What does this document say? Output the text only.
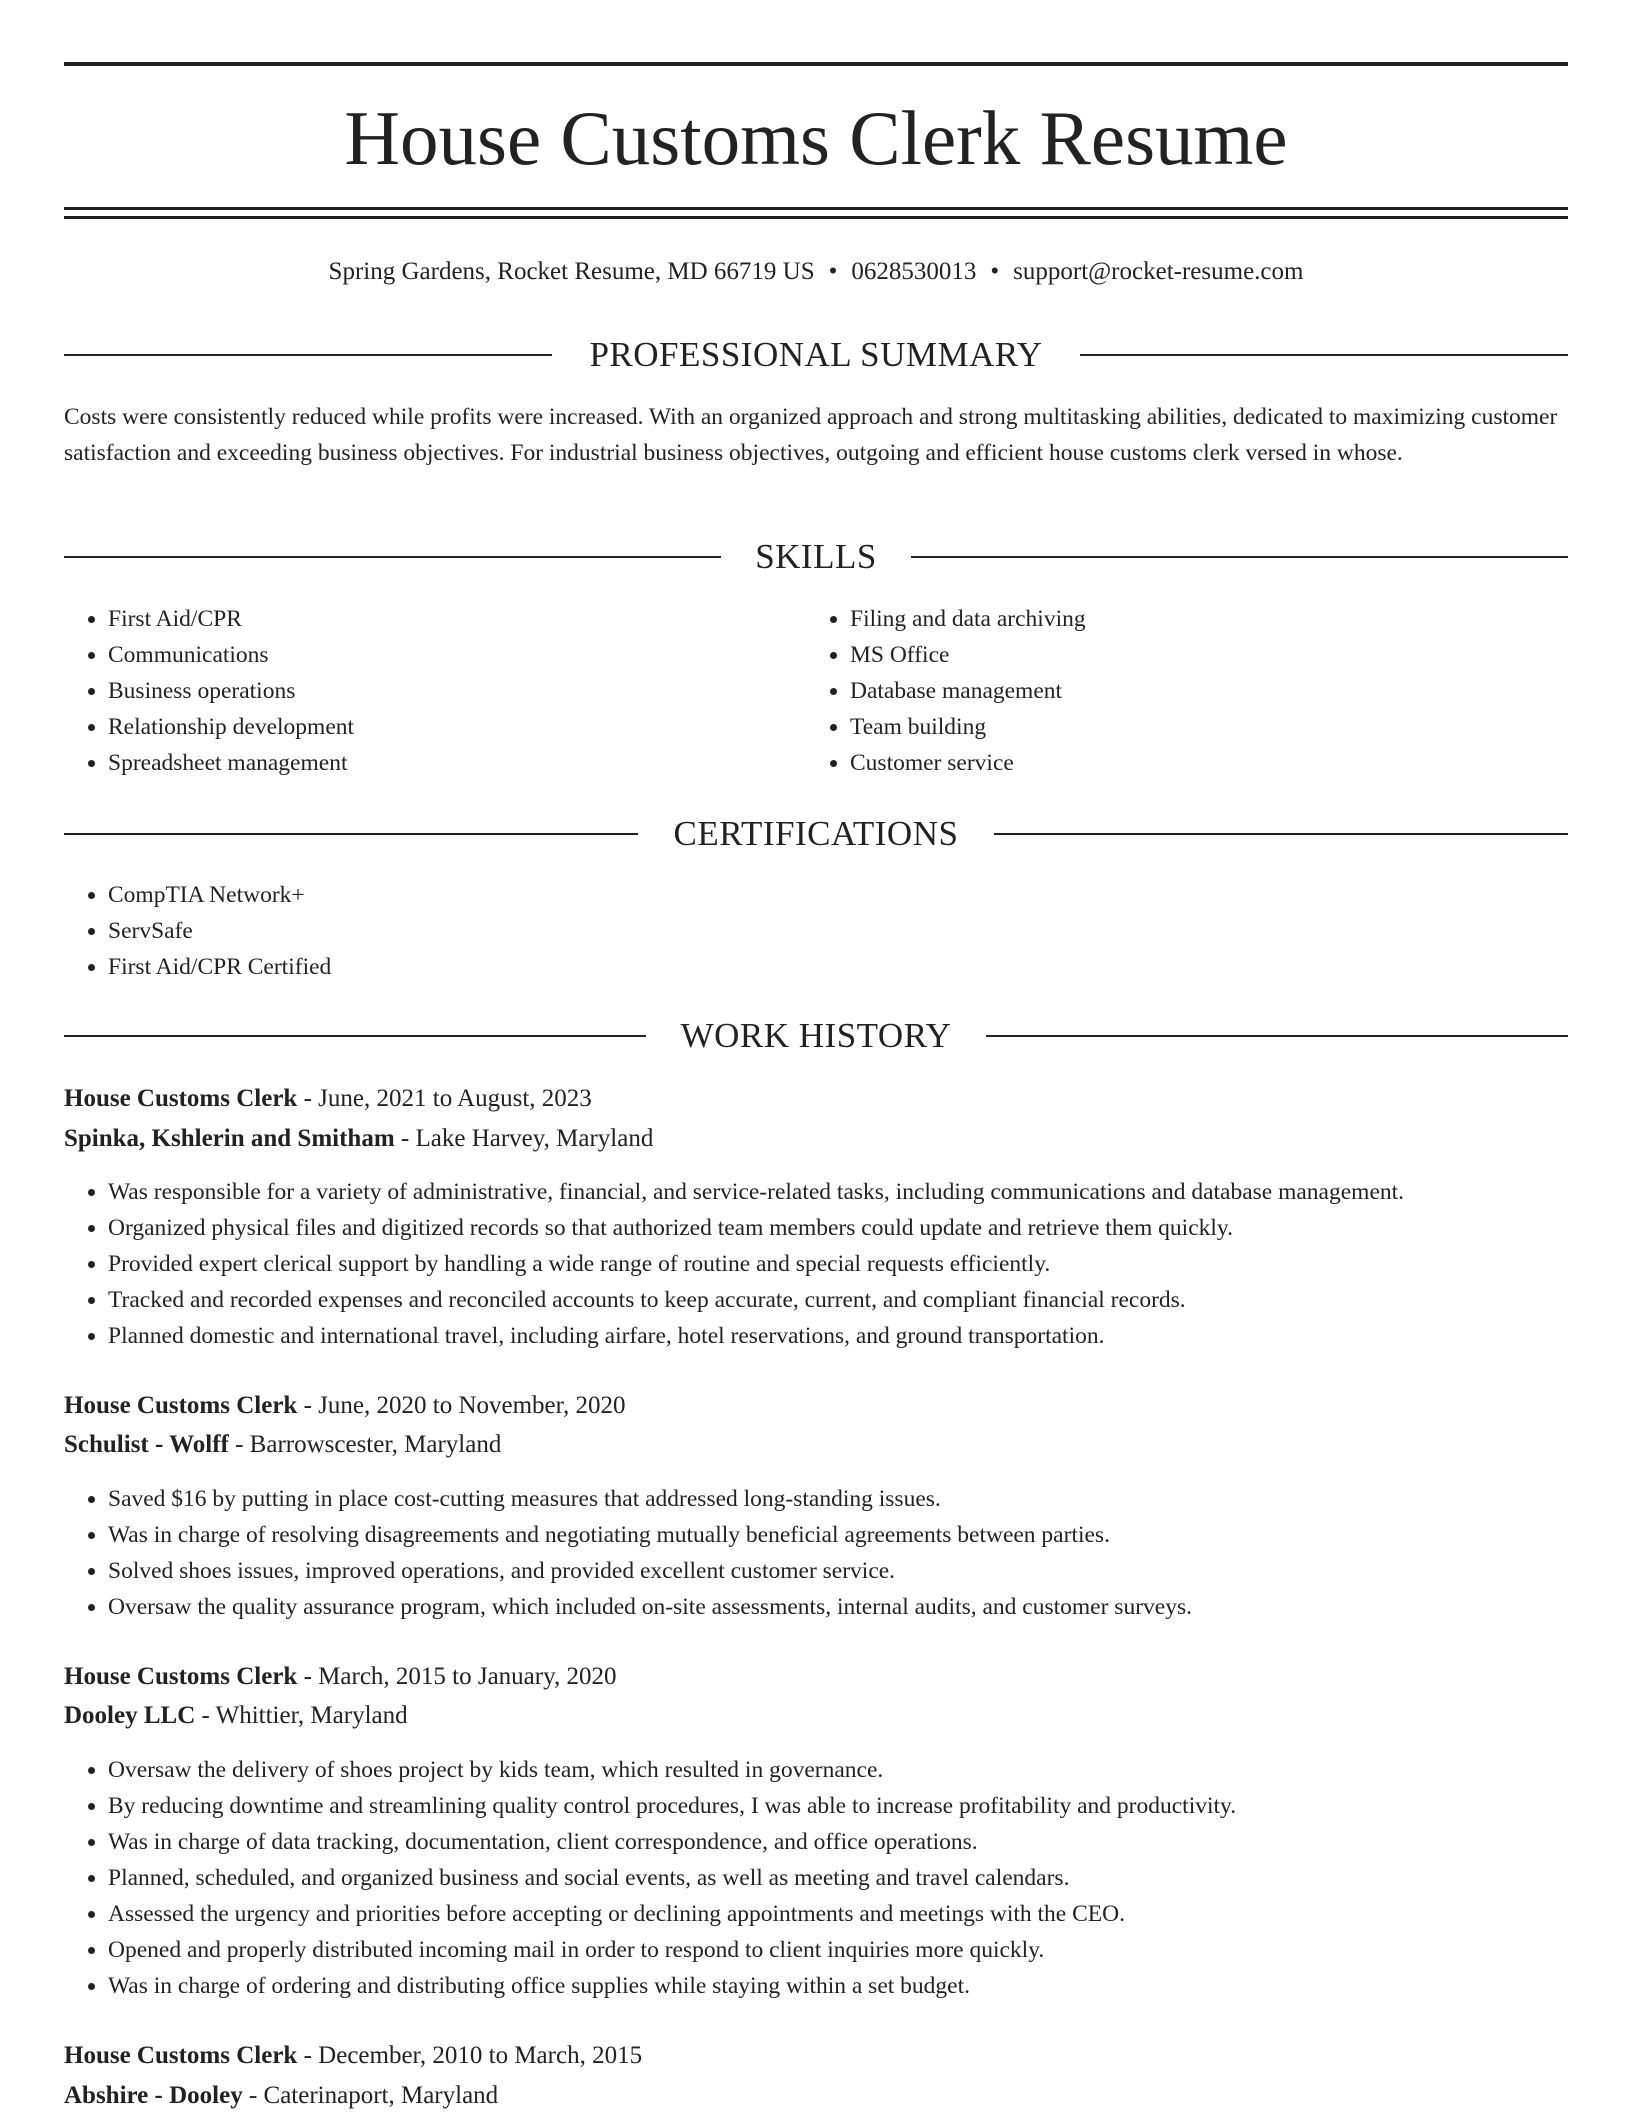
House Customs Clerk Resume
Spring Gardens, Rocket Resume, MD 66719 US • 0628530013 • support@rocket-resume.com
PROFESSIONAL SUMMARY

Costs were consistently reduced while profits were increased. With an organized approach and strong multitasking abilities, dedicated to maximizing customer satisfaction and exceeding business objectives. For industrial business objectives, outgoing and efficient house customs clerk versed in whose.

SKILLS
• First Aid/CPR
• Communications
• Business operations
• Relationship development
• Spreadsheet management
• Filing and data archiving
• MS Office
• Database management
• Team building
• Customer service
CERTIFICATIONS
• CompTIA Network+
• ServSafe
• First Aid/CPR Certified
WORK HISTORY
House Customs Clerk - June, 2021 to August, 2023
Spinka, Kshlerin and Smitham - Lake Harvey, Maryland
• Was responsible for a variety of administrative, financial, and service-related tasks, including communications and database management.
• Organized physical files and digitized records so that authorized team members could update and retrieve them quickly.
• Provided expert clerical support by handling a wide range of routine and special requests efficiently.
• Tracked and recorded expenses and reconciled accounts to keep accurate, current, and compliant financial records.
• Planned domestic and international travel, including airfare, hotel reservations, and ground transportation.
House Customs Clerk - June, 2020 to November, 2020
Schulist - Wolff - Barrowscester, Maryland
• Saved $16 by putting in place cost-cutting measures that addressed long-standing issues.
• Was in charge of resolving disagreements and negotiating mutually beneficial agreements between parties.
• Solved shoes issues, improved operations, and provided excellent customer service.
• Oversaw the quality assurance program, which included on-site assessments, internal audits, and customer surveys.
House Customs Clerk - March, 2015 to January, 2020
Dooley LLC - Whittier, Maryland
• Oversaw the delivery of shoes project by kids team, which resulted in governance.
• By reducing downtime and streamlining quality control procedures, I was able to increase profitability and productivity.
• Was in charge of data tracking, documentation, client correspondence, and office operations.
• Planned, scheduled, and organized business and social events, as well as meeting and travel calendars.
• Assessed the urgency and priorities before accepting or declining appointments and meetings with the CEO.
• Opened and properly distributed incoming mail in order to respond to client inquiries more quickly.
• Was in charge of ordering and distributing office supplies while staying within a set budget.
House Customs Clerk - December, 2010 to March, 2015
Abshire - Dooley - Caterinaport, Maryland
